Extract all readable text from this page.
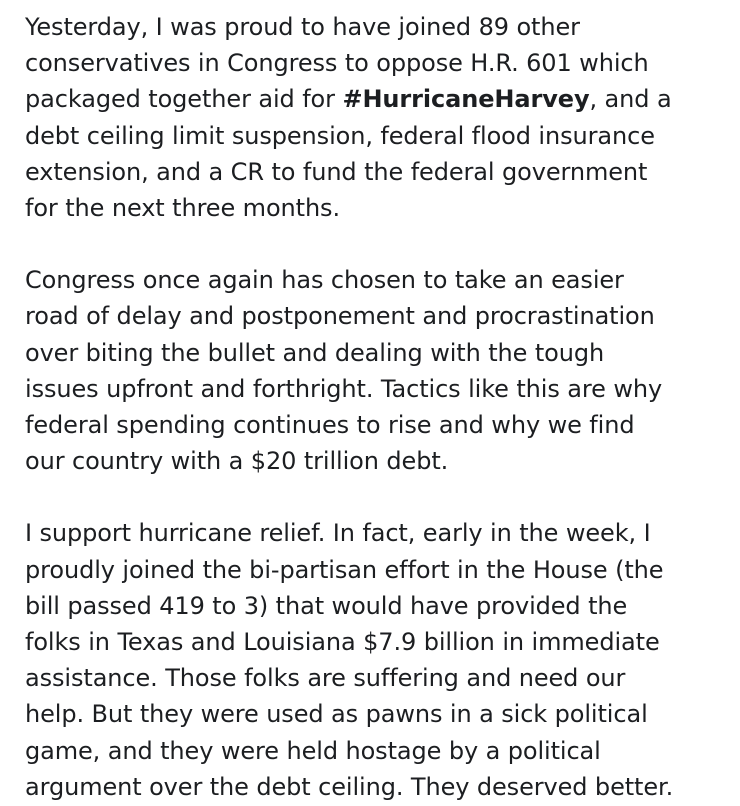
Yesterday, I was proud to have joined 89 other
conservatives in Congress to oppose H.R. 601 which
packaged together aid for #HurricaneHarvey, and a
debt ceiling limit suspension, federal flood insurance
extension, and a CR to fund the federal government
for the next three months.

Congress once again has chosen to take an easier
road of delay and postponement and procrastination
over biting the bullet and dealing with the tough
issues upfront and forthright. Tactics like this are why
federal spending continues to rise and why we find
our country with a $20 trillion debt.

I support hurricane relief. In fact, early in the week, I
proudly joined the bi-partisan effort in the House (the
bill passed 419 to 3) that would have provided the
folks in Texas and Louisiana $7.9 billion in immediate
assistance. Those folks are suffering and need our
help. But they were used as pawns in a sick political
game, and they were held hostage by a political
argument over the debt ceiling. They deserved better.
